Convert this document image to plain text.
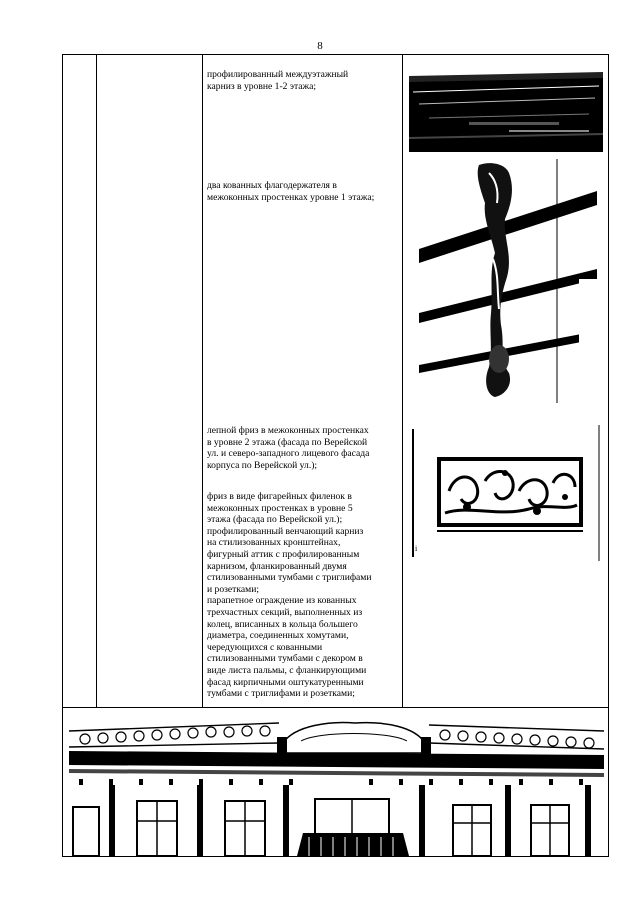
8
профилированный междуэтажный
карниз в уровне 1-2 этажа;
два кованных флагодержателя в
межоконных простенках уровне 1 этажа;
лепной фриз в межоконных простенках
в уровне 2 этажа (фасада по Верейской
ул. и северо-западного лицевого фасада
корпуса по Верейской ул.);
фриз в виде фигарейных филенок в
межоконных простенках в уровне 5
этажа (фасада по Верейской ул.);
профилированный венчающий карниз
на стилизованных кронштейнах,
фигурный аттик с профилированным
карнизом, фланкированный двумя
стилизованными тумбами с триглифами
и розетками;
парапетное ограждение из кованных
трехчастных секций, выполненных из
колец, вписанных в кольца большего
диаметра, соединенных хомутами,
чередующихся с кованными
стилизованными тумбами с декором в
виде листа пальмы, с фланкирующими
фасад кирпичными оштукатуренными
тумбами с триглифами и розетками;
і
